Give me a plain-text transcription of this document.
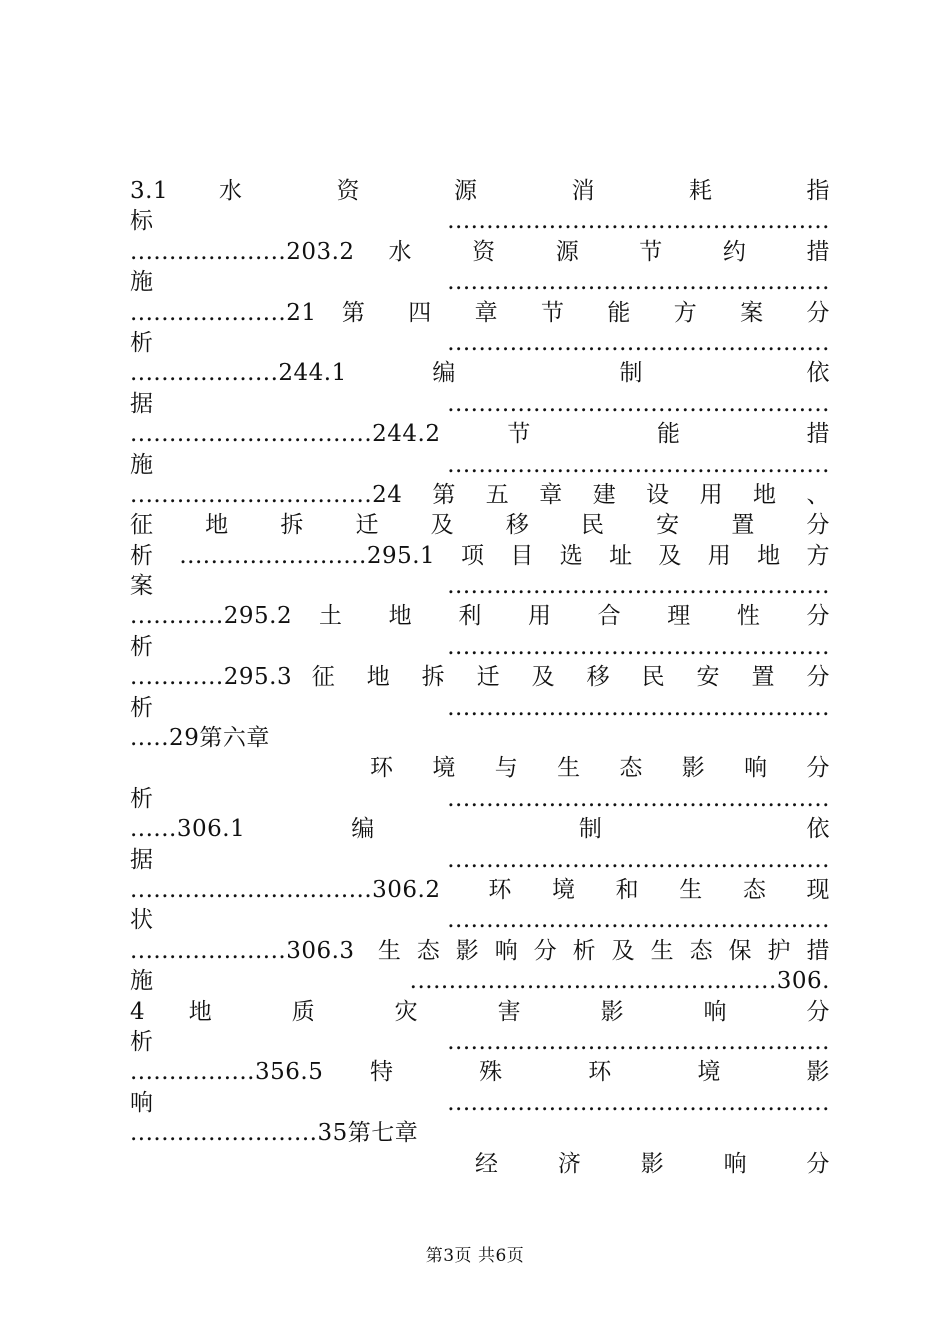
3.1 水 资 源 消 耗 指
标.................................................
....................203.2 水 资 源 节 约 措
施.................................................
....................21 第 四 章 节 能 方 案 分
析.................................................
...................244.1 编 制 依
据.................................................
...............................244.2 节 能 措
施.................................................
...............................24第五章建设用地、
征 地 拆 迁 及 移 民 安 置 分
析........................295.1项目选址及用地方
案.................................................
............295.2 土 地 利 用 合 理 性 分
析.................................................
............295.3 征 地 拆 迁 及 移 民 安 置 分
析.................................................
.....29第六章
环 境 与 生 态 影 响 分
析.................................................
......306.1 编 制 依
据.................................................
...............................306.2 环境和生态现
状.................................................
....................306.3 生态影响分析及生态保护措
施...............................................306.
4 地 质 灾 害 影 响 分
析.................................................
................356.5 特 殊 环 境 影
响.................................................
........................35第七章
经 济 影 响 分
第3页 共6页
